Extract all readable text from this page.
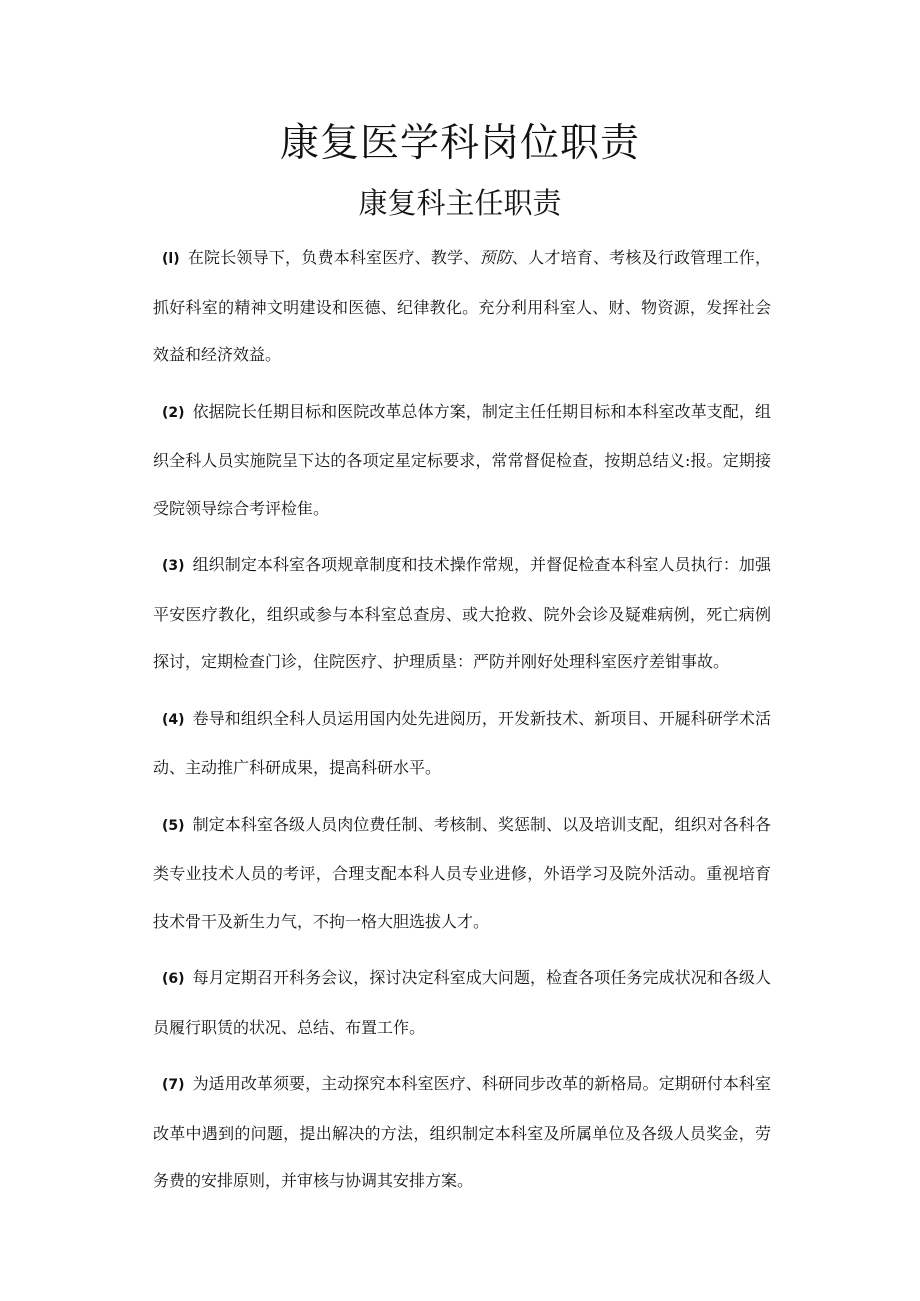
康复医学科岗位职责
康复科主任职责

(l) 在院长领导下，负费本科室医疗、教学、预防、人才培育、考核及行政管理工作，抓好科室的精神文明建设和医德、纪律教化。充分利用科室人、财、物资源，发挥社会效益和经济效益。

(2) 依据院长任期目标和医院改革总体方案，制定主任任期目标和本科室改革支配，组织全科人员实施院呈下达的各项定星定标要求，常常督促检查，按期总结义:报。定期接受院领导综合考评检隹。

(3) 组织制定本科室各项规章制度和技术操作常规，并督促检查本科室人员执行：加强平安医疗教化，组织或参与本科室总查房、或大抢救、院外会诊及疑难病例，死亡病例探讨，定期检查门诊，住院医疗、护理质垦：严防并刚好处理科室医疗差钳事故。

(4) 卷导和组织全科人员运用国内处先进阅历，开发新技术、新项目、开屣科研学术活动、主动推广科研成果，提高科研水平。

(5) 制定本科室各级人员肉位费任制、考核制、奖惩制、以及培训支配，组织对各科各类专业技术人员的考评，合理支配本科人员专业进修，外语学习及院外活动。重视培育技术骨干及新生力气，不拘一格大胆选拔人才。

(6) 每月定期召开科务会议，探讨决定科室成大问题，检査各项任务完成状况和各级人员履行职赁的状况、总结、布置工作。

(7) 为适用改革须要，主动探究本科室医疗、科研同步改革的新格局。定期研付本科室改革中遇到的问题，提出解决的方法，组织制定本科室及所属单位及各级人员奖金，劳务费的安排原则，并审核与协调其安排方案。
